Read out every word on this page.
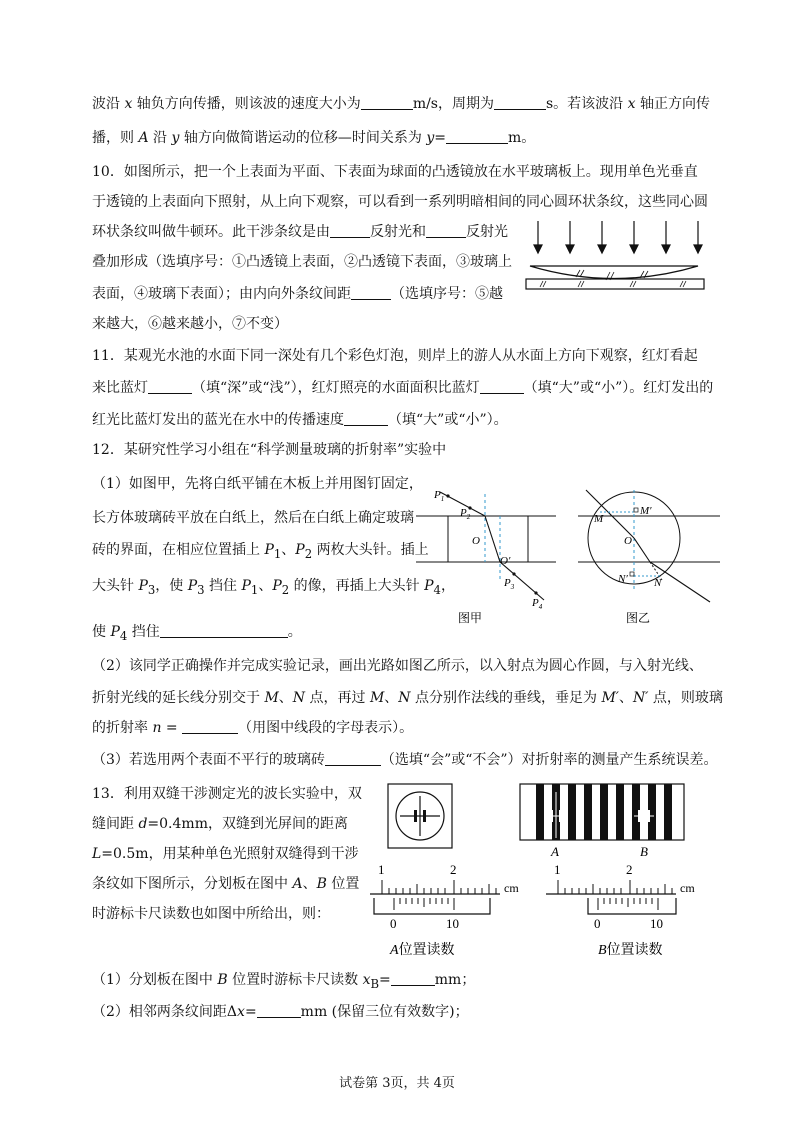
波沿 x 轴负方向传播，则该波的速度大小为	m/s，周期为	s。若该波沿 x 轴正方向传
播，则 A 沿 y 轴方向做简谐运动的位移—时间关系为 y=	m。
10．如图所示，把一个上表面为平面、下表面为球面的凸透镜放在水平玻璃板上。现用单色光垂直
于透镜的上表面向下照射，从上向下观察，可以看到一系列明暗相间的同心圆环状条纹，这些同心圆
环状条纹叫做牛顿环。此干涉条纹是由	反射光和	反射光
叠加形成（选填序号：①凸透镜上表面，②凸透镜下表面，③玻璃上
表面，④玻璃下表面）；由内向外条纹间距	（选填序号：⑤越
来越大，⑥越来越小，⑦不变）
11．某观光水池的水面下同一深处有几个彩色灯泡，则岸上的游人从水面上方向下观察，红灯看起
来比蓝灯	（填“深”或“浅”），红灯照亮的水面面积比蓝灯	（填“大”或“小”）。红灯发出的
红光比蓝灯发出的蓝光在水中的传播速度	（填“大”或“小”）。
12．某研究性学习小组在“科学测量玻璃的折射率”实验中
（1）如图甲，先将白纸平铺在木板上并用图钉固定，
长方体玻璃砖平放在白纸上，然后在白纸上确定玻璃
砖的界面，在相应位置插上 $P_1$、$P_2$ 两枚大头针。插上
大头针 $P_3$，使 $P_3$ 挡住 $P_1$、$P_2$ 的像，再插上大头针 $P_4$，
使 $P_4$ 挡住	。
$P_1$
$P_2$
O
O′
$P_3$
$P_4$
图甲
M
M′
O
N′ N
图乙
（2）该同学正确操作并完成实验记录，画出光路如图乙所示，以入射点为圆心作圆，与入射光线、
折射光线的延长线分别交于 M、N 点，再过 M、N 点分别作法线的垂线，垂足为 M′、N′ 点，则玻璃
的折射率 n =	（用图中线段的字母表示）。
（3）若选用两个表面不平行的玻璃砖	（选填“会”或“不会”）对折射率的测量产生系统误差。
13．利用双缝干涉测定光的波长实验中，双
缝间距 d=0.4mm，双缝到光屏间的距离
L=0.5m，用某种单色光照射双缝得到干涉
条纹如下图所示，分划板在图中 A、B 位置
时游标卡尺读数也如图中所给出，则：
A	B
1	2
cm
0	10
A位置读数
1	2
cm
0	10
B位置读数
（1）分划板在图中 B 位置时游标卡尺读数 $x_B=$	mm；
（2）相邻两条纹间距Δx=	mm (保留三位有效数字)；
试卷第 3页，共 4页
